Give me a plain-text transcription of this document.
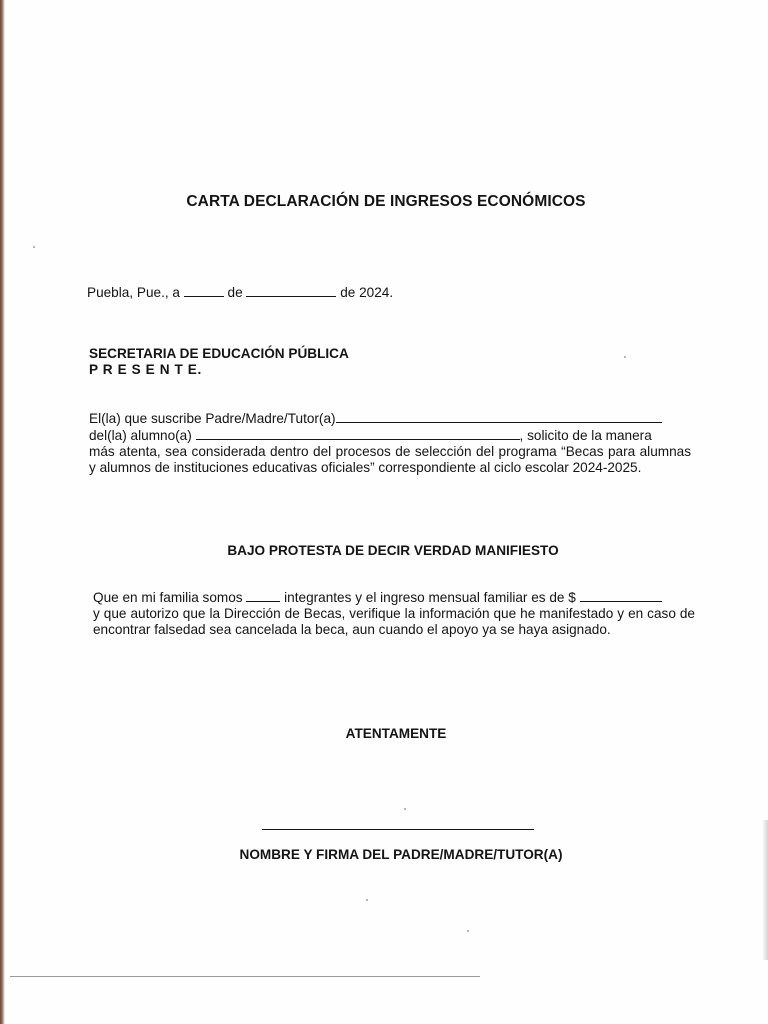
CARTA DECLARACIÓN DE INGRESOS ECONÓMICOS
Puebla, Pue., a	de	de 2024.
SECRETARIA DE EDUCACIÓN PÚBLICA
P R E S E N T E.
El(la) que suscribe Padre/Madre/Tutor(a)
del(la) alumno(a)	, solicito de la manera
más atenta, sea considerada dentro del procesos de selección del programa “Becas para alumnas y alumnos de instituciones educativas oficiales” correspondiente al ciclo escolar 2024-2025.
BAJO PROTESTA DE DECIR VERDAD MANIFIESTO
Que en mi familia somos	integrantes y el ingreso mensual familiar es de $
y que autorizo que la Dirección de Becas, verifique la información que he manifestado y en caso de encontrar falsedad sea cancelada la beca, aun cuando el apoyo ya se haya asignado.
ATENTAMENTE
NOMBRE Y FIRMA DEL PADRE/MADRE/TUTOR(A)
